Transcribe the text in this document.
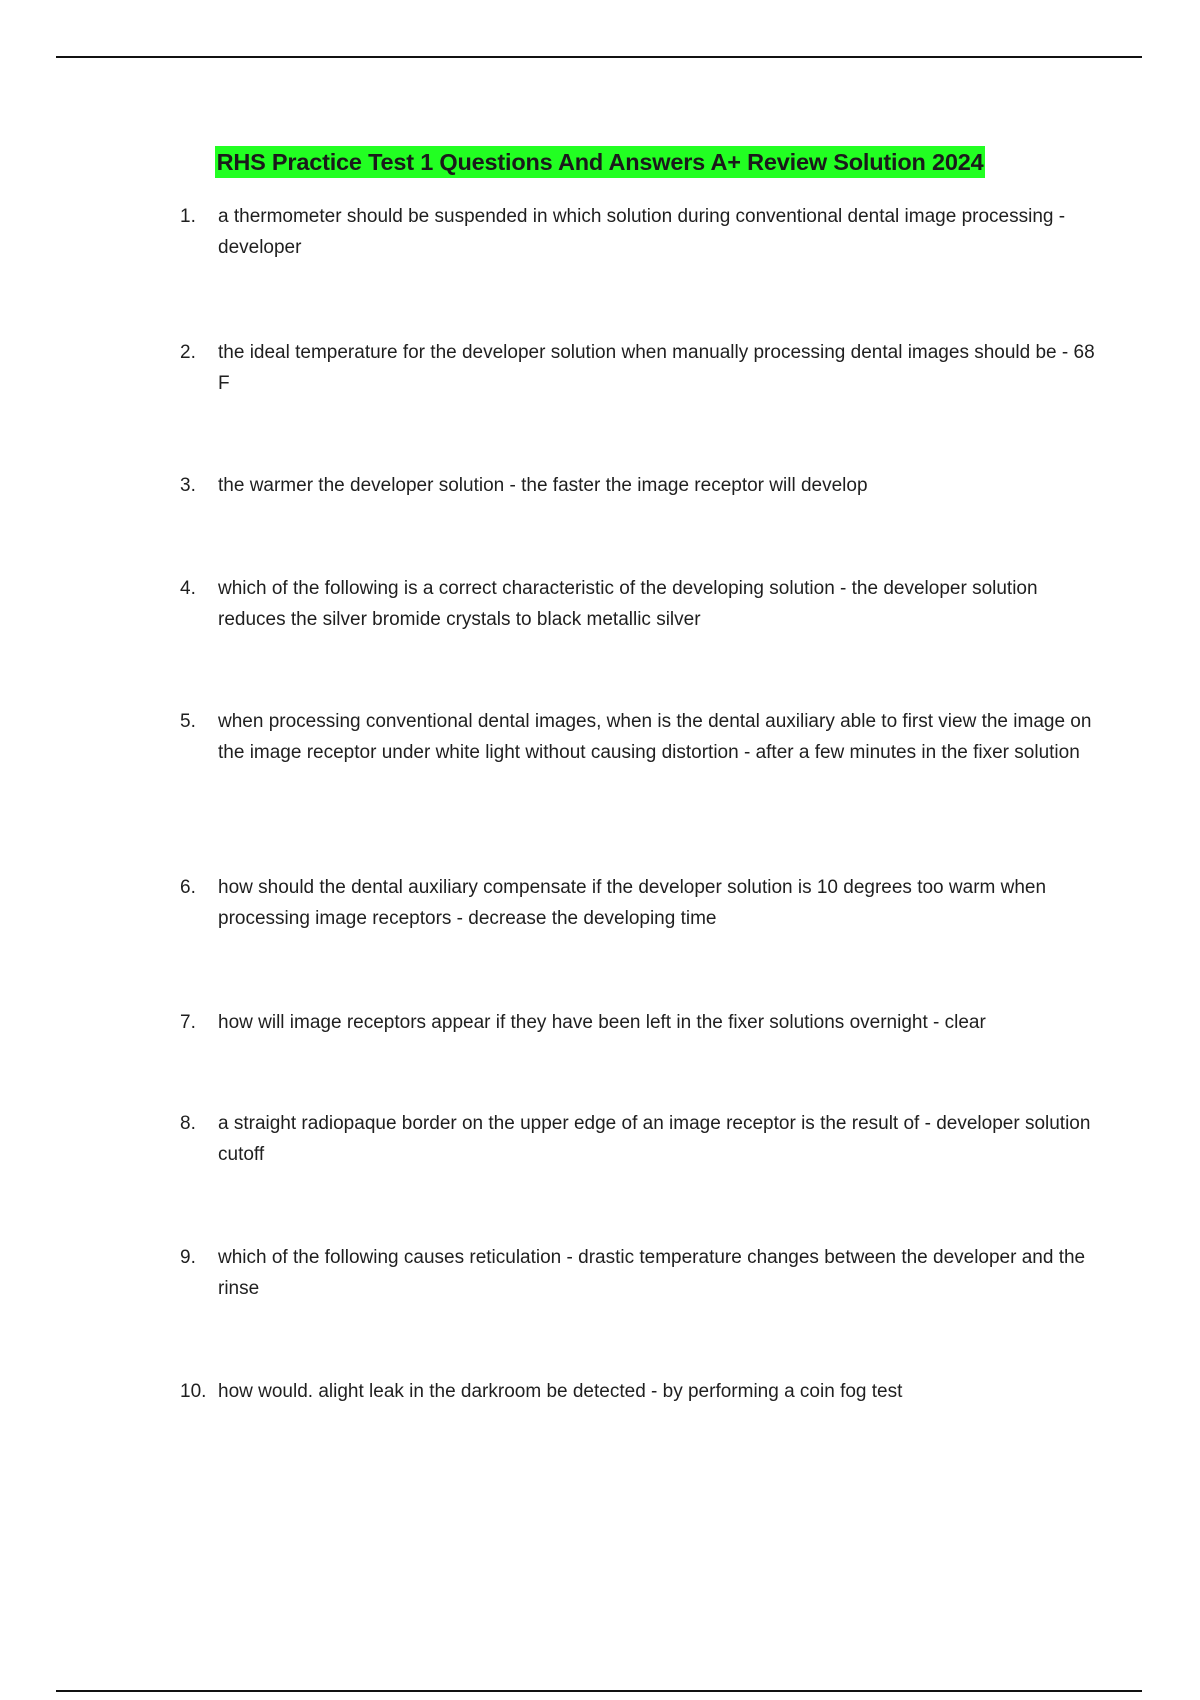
RHS Practice Test 1 Questions And Answers A+ Review Solution 2024
1.	a thermometer should be suspended in which solution during conventional dental image processing - developer
2.	the ideal temperature for the developer solution when manually processing dental images should be - 68 F
3.	the warmer the developer solution - the faster the image receptor will develop
4.	which of the following is a correct characteristic of the developing solution - the developer solution reduces the silver bromide crystals to black metallic silver
5.	when processing conventional dental images, when is the dental auxiliary able to first view the image on the image receptor under white light without causing distortion - after a few minutes in the fixer solution
6.	how should the dental auxiliary compensate if the developer solution is 10 degrees too warm when processing image receptors - decrease the developing time
7.	how will image receptors appear if they have been left in the fixer solutions overnight - clear
8.	a straight radiopaque border on the upper edge of an image receptor is the result of - developer solution cutoff
9.	which of the following causes reticulation - drastic temperature changes between the developer and the rinse
10. how would. alight leak in the darkroom be detected - by performing a coin fog test
